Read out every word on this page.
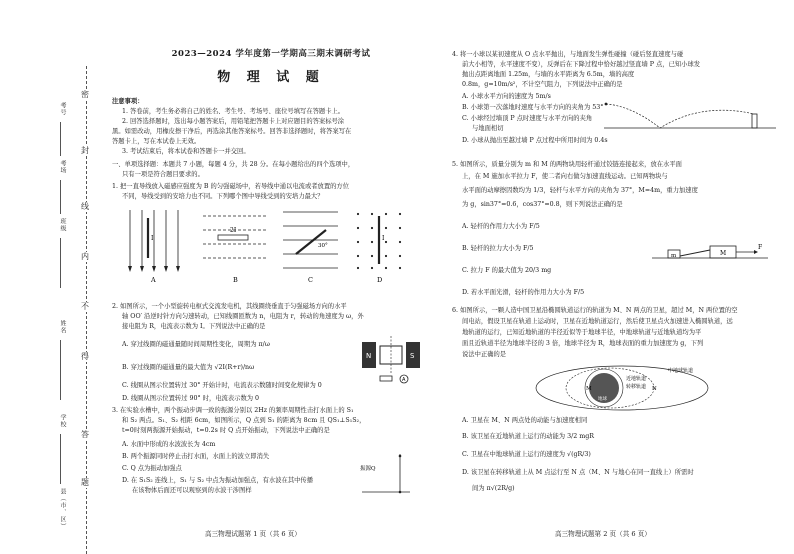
密
封
线
内
不
得
答
题
考号
考场
班级
姓名
学校
县（市、区）
2023—2024 学年度第一学期高三期末调研考试
物 理 试 题
注意事项：
1. 答卷前，考生务必将自己的姓名、考生号、考场号、座位号填写在答题卡上。
2. 回答选择题时，选出每小题答案后，用铅笔把答题卡上对应题目的答案标号涂
黑。如需改动，用橡皮擦干净后，再选涂其他答案标号。回答非选择题时，将答案写在
答题卡上，写在本试卷上无效。
3. 考试结束后，将本试卷和答题卡一并交回。
一、单项选择题：本题共 7 小题，每题 4 分，共 28 分。在每小题给出的四个选项中，
只有一项是符合题目要求的。
1. 把一直导线放入磁感应强度为 B 的匀强磁场中，若导线中通以电流或者放置的方位
不同，导线受到的安培力也不同。下列哪个图中导线受到的安培力最大？
I
30°
2I
I
A	B	C	D
2. 如图所示，一个小型旋转电枢式交流发电机，其线圈绕垂直于匀强磁场方向的水平
轴 OO′ 沿逆时针方向匀速转动，已知线圈匝数为 n，电阻为 r，转动的角速度为 ω，外
接电阻为 R，电流表示数为 I。下列说法中正确的是
A. 穿过线圈的磁通量随时间周期性变化，周期为 π/ω
B. 穿过线圈的磁通量的最大值为 √2I(R+r)/nω
C. 线圈从图示位置转过 30° 开始计时，电流表示数随时间变化规律为 0
D. 线圈从图示位置转过 90° 时，电流表示数为 0
N	S
A
3. 在实验水槽中，两个振动步调一致的振源分别以 2Hz 的频率周期性击打水面上的 S₁
和 S₂ 两点。S₁、S₂ 相距 6cm，如图所示，Q 点到 S₁ 的距离为 8cm 且 QS₁⊥S₁S₂，
t=0时刻两振源开始振动，t=0.2s 时 Q 点开始振动，下列说法中正确的是
A. 水面中形成的水波波长为 4cm
B. 两个振源同时停止击打水面，水面上的波立即消失
C. Q 点为振动加强点
D. 在 S₁S₂ 连线上，S₁ 与 S₂ 中点为振动加强点，有水波在其中传播
在该物体后面还可以观察到的水波干涉图样
振源Q
高三物理试题第 1 页（共 6 页）
4. 将一小球以某初速度从 O 点水平抛出，与地面发生弹性碰撞（碰后竖直速度与碰
前大小相等，水平速度不变），反弹后在下降过程中恰好越过竖直墙 P 点，已知小球发
抛出点距离地面 1.25m，与墙的水平距离为 6.5m，墙的高度
0.8m，g=10m/s²，不计空气阻力，下列说法中正确的是
A. 小球水平方向的速度为 5m/s
B. 小球第一次落地时速度与水平方向的夹角为 53°
C. 小球经过墙顶 P 点时速度与水平方向的夹角
与地面相切
D. 小球从抛出至越过墙 P 点过程中所用时间为 0.4s
5. 如图所示，质量分别为 m 和 M 的两物块用轻杆通过铰链连接起来，放在水平面
上，在 M 施加水平拉力 F，使二者向右做匀加速直线运动。已知两物块与
水平面的动摩擦因数均为 1/3，轻杆与水平方向的夹角为 37°，M=4m，重力加速度
为 g，sin37°=0.6，cos37°=0.8，则下列说法正确的是
A. 轻杆的作用力大小为 F/5
B. 轻杆的拉力大小为 F/5
C. 拉力 F 的最大值为 20/3 mg
D. 若水平面光滑，轻杆的作用力大小为 F/5
m	M
F
6. 如图所示，一颗人造中国卫星沿椭圆轨道运行的轨道为 M、N 两点的卫星，超过 M，N 两位置的空
间电站，假设卫星在轨道上运动时，卫星在近地轨道运行，然后使卫星点火加速进入椭圆轨道，远
地轨道的运行，已知近地轨道的半径近似等于地球半径，中地球轨道与近地轨道均为平
面且近轨道半径为地球半径的 3 倍，地球半径为 R，地球表面的重力加速度为 g，下列
说法中正确的是
A. 卫星在 M、N 两点处的动能与加速度相同
B. 该卫星在近地轨道上运行的动能为 3/2 mgR
C. 卫星在中地球轨道上运行的速度为 √(gR/3)
D. 该卫星在转移轨道上从 M 点运行至 N 点（M、N 与地心在同一直线上）所需时
间为 π√(2R/g)
M	N
地球
中地球轨道
近地轨道
转移轨道
高三物理试题第 2 页（共 6 页）
